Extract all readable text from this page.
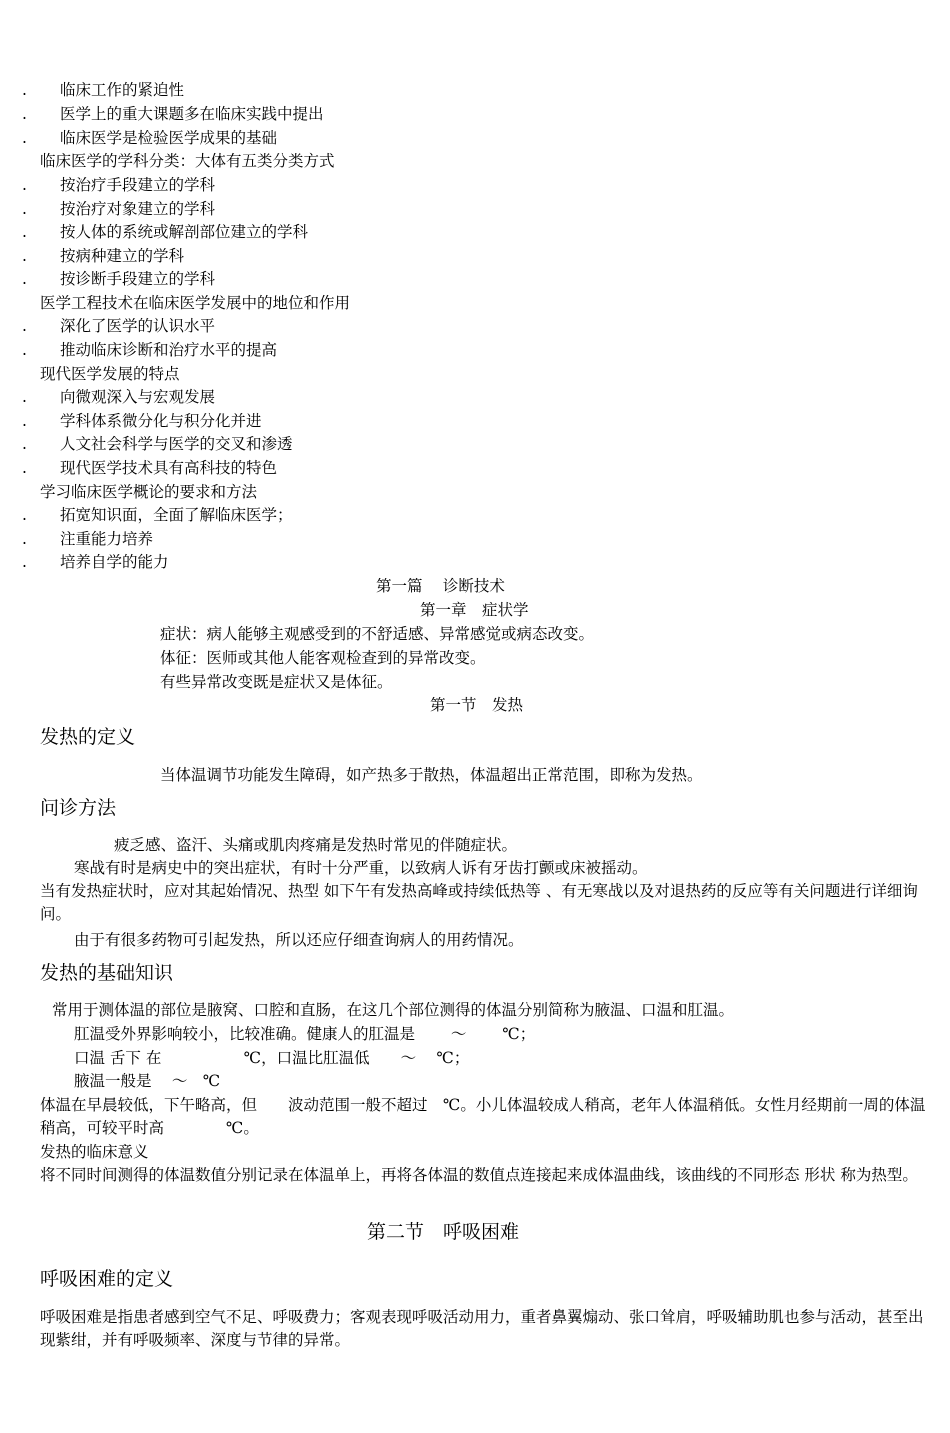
. 临床工作的紧迫性
. 医学上的重大课题多在临床实践中提出
. 临床医学是检验医学成果的基础
临床医学的学科分类：大体有五类分类方式
. 按治疗手段建立的学科
. 按治疗对象建立的学科
. 按人体的系统或解剖部位建立的学科
. 按病种建立的学科
. 按诊断手段建立的学科
医学工程技术在临床医学发展中的地位和作用
. 深化了医学的认识水平
. 推动临床诊断和治疗水平的提高
现代医学发展的特点
. 向微观深入与宏观发展
. 学科体系微分化与积分化并进
. 人文社会科学与医学的交叉和渗透
. 现代医学技术具有高科技的特色
学习临床医学概论的要求和方法
. 拓宽知识面，全面了解临床医学；
. 注重能力培养
. 培养自学的能力
第一篇　 诊断技术
第一章　症状学
症状：病人能够主观感受到的不舒适感、异常感觉或病态改变。
体征：医师或其他人能客观检查到的异常改变。
有些异常改变既是症状又是体征。
第一节　发热
发热的定义
当体温调节功能发生障碍，如产热多于散热，体温超出正常范围，即称为发热。
问诊方法
疲乏感、盗汗、头痛或肌肉疼痛是发热时常见的伴随症状。
寒战有时是病史中的突出症状，有时十分严重，以致病人诉有牙齿打颤或床被摇动。
当有发热症状时，应对其起始情况、热型 如下午有发热高峰或持续低热等 、有无寒战以及对退热药的反应等有关问题进行详细询问。
由于有很多药物可引起发热，所以还应仔细查询病人的用药情况。
发热的基础知识
常用于测体温的部位是腋窝、口腔和直肠，在这几个部位测得的体温分别简称为腋温、口温和肛温。
肛温受外界影响较小，比较准确。健康人的肛温是　　 ～　　 ℃；
口温 舌下 在　　　　　 ℃，口温比肛温低　　～　 ℃；
腋温一般是　 ～　℃
体温在早晨较低，下午略高，但　　波动范围一般不超过　℃。小儿体温较成人稍高，老年人体温稍低。女性月经期前一周的体温稍高，可较平时高　　　　℃。
发热的临床意义
将不同时间测得的体温数值分别记录在体温单上，再将各体温的数值点连接起来成体温曲线，该曲线的不同形态 形状 称为热型。
第二节　呼吸困难
呼吸困难的定义
呼吸困难是指患者感到空气不足、呼吸费力；客观表现呼吸活动用力，重者鼻翼煽动、张口耸肩，呼吸辅助肌也参与活动，甚至出现紫绀，并有呼吸频率、深度与节律的异常。
